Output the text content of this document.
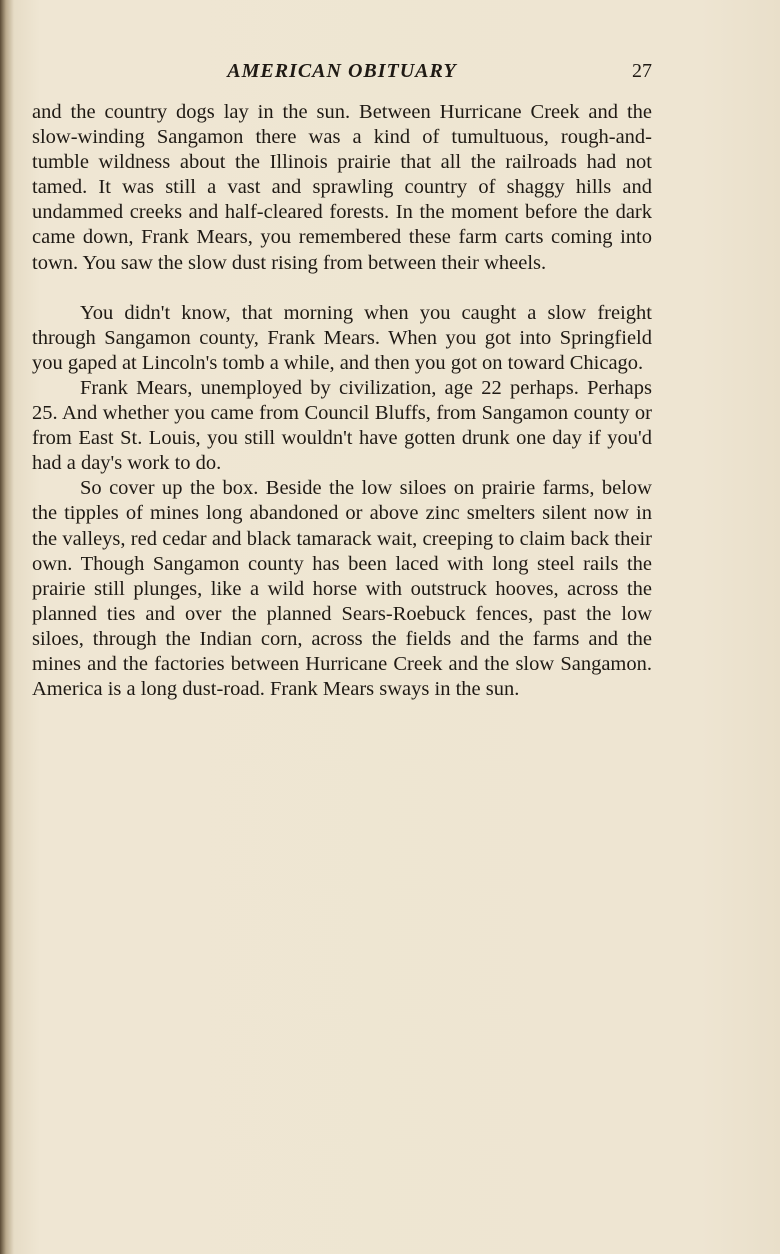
AMERICAN OBITUARY	27

and the country dogs lay in the sun. Between Hurricane Creek and the slow-winding Sangamon there was a kind of tumultuous, rough-and-tumble wildness about the Illinois prairie that all the railroads had not tamed. It was still a vast and sprawling country of shaggy hills and undammed creeks and half-cleared forests. In the moment before the dark came down, Frank Mears, you remembered these farm carts coming into town. You saw the slow dust rising from between their wheels.

You didn't know, that morning when you caught a slow freight through Sangamon county, Frank Mears. When you got into Springfield you gaped at Lincoln's tomb a while, and then you got on toward Chicago.

Frank Mears, unemployed by civilization, age 22 perhaps. Perhaps 25. And whether you came from Council Bluffs, from Sangamon county or from East St. Louis, you still wouldn't have gotten drunk one day if you'd had a day's work to do.

So cover up the box. Beside the low siloes on prairie farms, below the tipples of mines long abandoned or above zinc smelters silent now in the valleys, red cedar and black tamarack wait, creeping to claim back their own. Though Sangamon county has been laced with long steel rails the prairie still plunges, like a wild horse with outstruck hooves, across the planned ties and over the planned Sears-Roebuck fences, past the low siloes, through the Indian corn, across the fields and the farms and the mines and the factories between Hurricane Creek and the slow Sangamon. America is a long dust-road. Frank Mears sways in the sun.
